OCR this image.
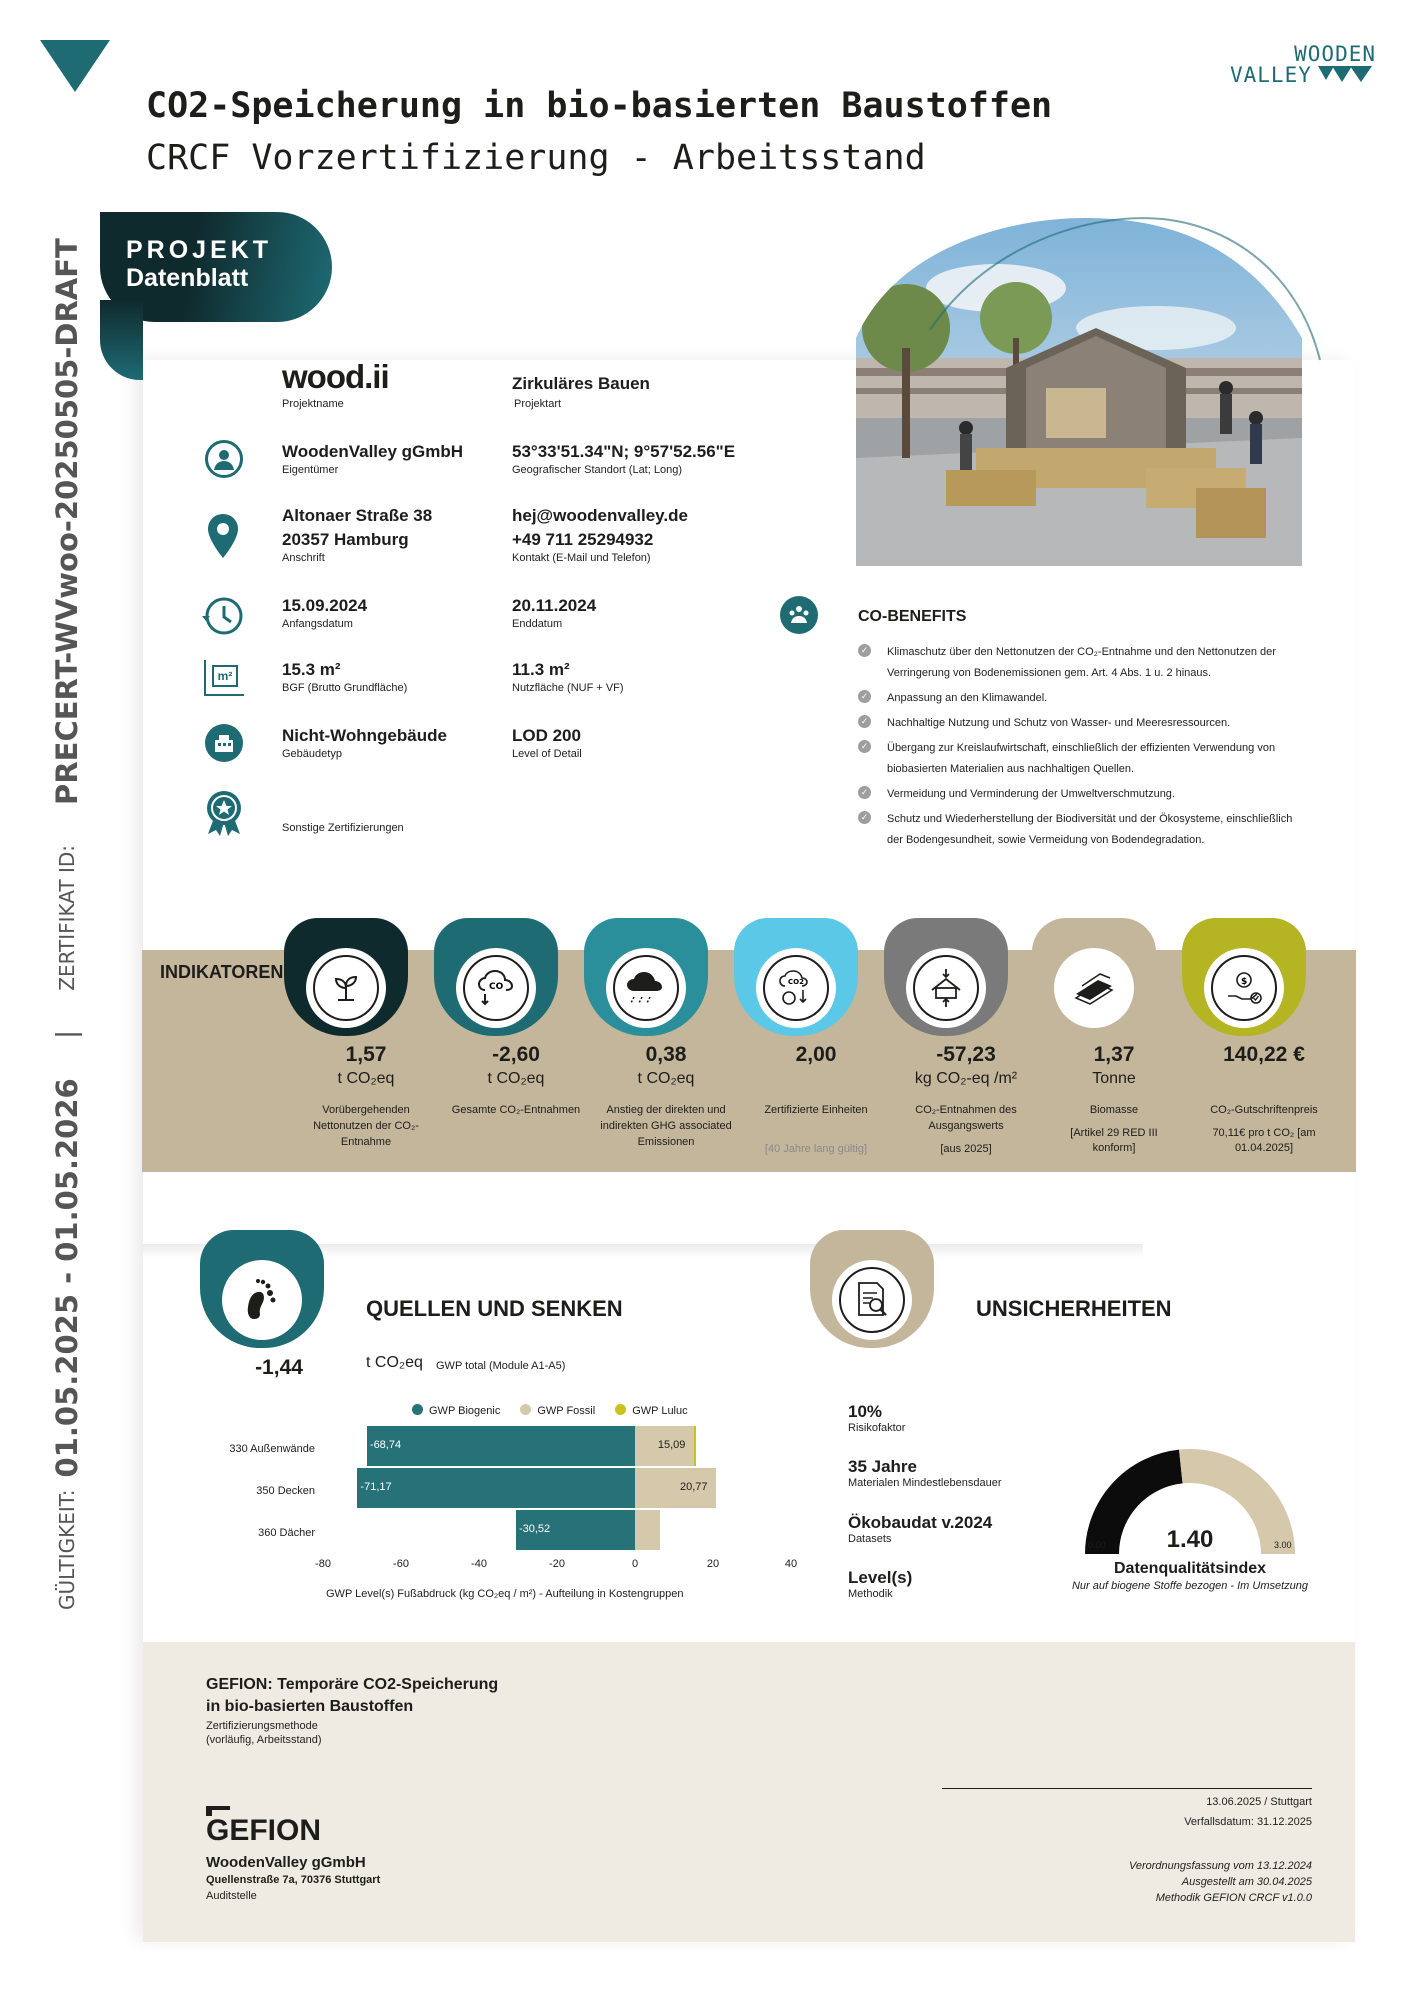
WOODEN
VALLEY
CO2-Speicherung in bio-basierten Baustoffen
CRCF Vorzertifizierung - Arbeitsstand
GÜLTIGKEIT:
01.05.2025 - 01.05.2026
|
ZERTIFIKAT ID:
PRECERT-WVwoo-20250505-DRAFT PROJEKT
Datenblatt
wood.ii
Projektname
Zirkuläres Bauen
Projektart
WoodenValley gGmbH
Eigentümer
53°33'51.34"N; 9°57'52.56"E
Geografischer Standort (Lat; Long)
Altonaer Straße 38
20357 Hamburg
Anschrift
hej@woodenvalley.de
+49 711 25294932
Kontakt (E-Mail und Telefon)
15.09.2024
Anfangsdatum
20.11.2024
Enddatum
m²	15.3 m²
BGF (Brutto Grundfläche)
11.3 m²
Nutzfläche (NUF + VF)
Nicht-Wohngebäude
Gebäudetyp
LOD 200
Level of Detail
Sonstige Zertifizierungen
CO-BENEFITS
✓ Klimaschutz über den Nettonutzen der CO₂-Entnahme und den Nettonutzen der Verringerung von Bodenemissionen gem. Art. 4 Abs. 1 u. 2 hinaus.
✓ Anpassung an den Klimawandel.
✓ Nachhaltige Nutzung und Schutz von Wasser- und Meeresressourcen.
✓ Übergang zur Kreislaufwirtschaft, einschließlich der effizienten Verwendung von biobasierten Materialien aus nachhaltigen Quellen.
✓ Vermeidung und Verminderung der Umweltverschmutzung.
✓ Schutz und Wiederherstellung der Biodiversität und der Ökosysteme, einschließlich der Bodengesundheit, sowie Vermeidung von Bodendegradation.
INDIKATOREN
CO	CO2	$
1,57
t CO₂eq
Vorübergehenden Nettonutzen der CO₂-Entnahme
-2,60
t CO₂eq
Gesamte CO₂-Entnahmen
0,38
t CO₂eq
Anstieg der direkten und indirekten GHG associated Emissionen
2,00
Zertifizierte Einheiten
[40 Jahre lang gültig]
-57,23
kg CO₂-eq /m²
CO₂-Entnahmen des Ausgangswerts
[aus 2025]
1,37
Tonne
Biomasse
[Artikel 29 RED III konform]
140,22 €
CO₂-Gutschriftenpreis
70,11€ pro t CO₂ [am 01.04.2025]
-1,44
QUELLEN UND SENKEN
t CO₂eq GWP total (Module A1-A5)
GWP Biogenic	GWP Fossil	GWP Luluc
330 Außenwände
350 Decken
360 Dächer
-68,74	15,09
-71,17	20,77
-30,52
-80	-60	-40	-20	0	20	40
GWP Level(s) Fußabdruck (kg CO₂eq / m²) - Aufteilung in Kostengruppen
UNSICHERHEITEN
10%
Risikofaktor
35 Jahre
Materialen Mindestlebensdauer
Ökobaudat v.2024
Datasets
Level(s)
Methodik
0.00	3.00
1.40
Datenqualitätsindex
Nur auf biogene Stoffe bezogen - Im Umsetzung
GEFION: Temporäre CO2-Speicherung
in bio-basierten Baustoffen
Zertifizierungsmethode
(vorläufig, Arbeitsstand)
GEFION
WoodenValley gGmbH
Quellenstraße 7a, 70376 Stuttgart
Auditstelle
13.06.2025 / Stuttgart
Verfallsdatum: 31.12.2025
Verordnungsfassung vom 13.12.2024
Ausgestellt am 30.04.2025
Methodik GEFION CRCF v1.0.0
